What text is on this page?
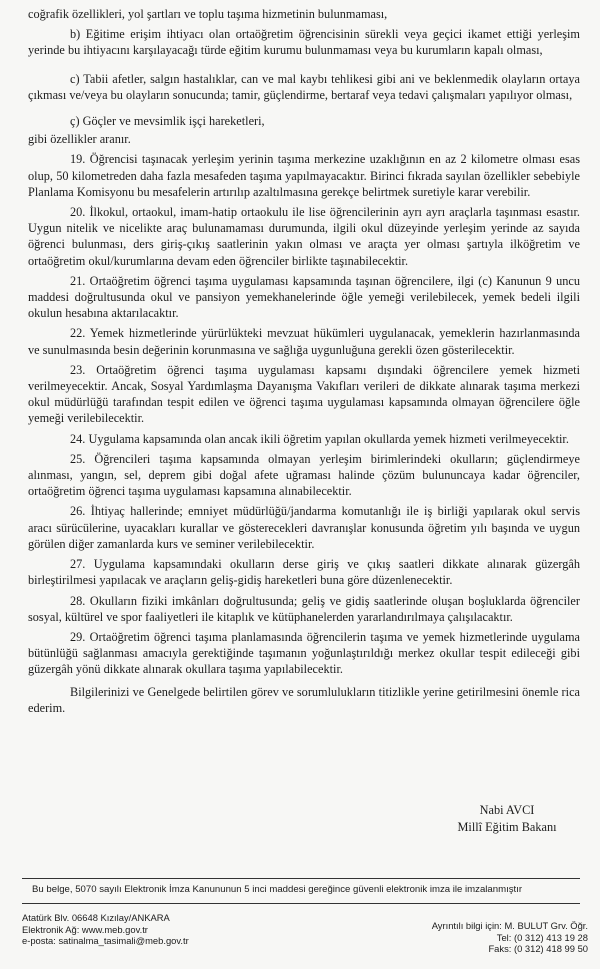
coğrafik özellikleri, yol şartları ve toplu taşıma hizmetinin bulunmaması,

b) Eğitime erişim ihtiyacı olan ortaöğretim öğrencisinin sürekli veya geçici ikamet ettiği yerleşim yerinde bu ihtiyacını karşılayacağı türde eğitim kurumu bulunmaması veya bu kurumların kapalı olması,

c) Tabii afetler, salgın hastalıklar, can ve mal kaybı tehlikesi gibi ani ve beklenmedik olayların ortaya çıkması ve/veya bu olayların sonucunda; tamir, güçlendirme, bertaraf veya tedavi çalışmaları yapılıyor olması,

ç) Göçler ve mevsimlik işçi hareketleri,

gibi özellikler aranır.

19. Öğrencisi taşınacak yerleşim yerinin taşıma merkezine uzaklığının en az 2 kilometre olması esas olup, 50 kilometreden daha fazla mesafeden taşıma yapılmayacaktır. Birinci fıkrada sayılan özellikler sebebiyle Planlama Komisyonu bu mesafelerin artırılıp azaltılmasına gerekçe belirtmek suretiyle karar verebilir.

20. İlkokul, ortaokul, imam-hatip ortaokulu ile lise öğrencilerinin ayrı ayrı araçlarla taşınması esastır. Uygun nitelik ve nicelikte araç bulunamaması durumunda, ilgili okul düzeyinde yerleşim yerinde az sayıda öğrenci bulunması, ders giriş-çıkış saatlerinin yakın olması ve araçta yer olması şartıyla ilköğretim ve ortaöğretim okul/kurumlarına devam eden öğrenciler birlikte taşınabilecektir.

21. Ortaöğretim öğrenci taşıma uygulaması kapsamında taşınan öğrencilere, ilgi (c) Kanunun 9 uncu maddesi doğrultusunda okul ve pansiyon yemekhanelerinde öğle yemeği verilebilecek, yemek bedeli ilgili okulun hesabına aktarılacaktır.

22. Yemek hizmetlerinde yürürlükteki mevzuat hükümleri uygulanacak, yemeklerin hazırlanmasında ve sunulmasında besin değerinin korunmasına ve sağlığa uygunluğuna gerekli özen gösterilecektir.

23. Ortaöğretim öğrenci taşıma uygulaması kapsamı dışındaki öğrencilere yemek hizmeti verilmeyecektir. Ancak, Sosyal Yardımlaşma Dayanışma Vakıfları verileri de dikkate alınarak taşıma merkezi okul müdürlüğü tarafından tespit edilen ve öğrenci taşıma uygulaması kapsamında olmayan öğrencilere öğle yemeği verilebilecektir.

24. Uygulama kapsamında olan ancak ikili öğretim yapılan okullarda yemek hizmeti verilmeyecektir.

25. Öğrencileri taşıma kapsamında olmayan yerleşim birimlerindeki okulların; güçlendirmeye alınması, yangın, sel, deprem gibi doğal afete uğraması halinde çözüm bulununcaya kadar öğrenciler, ortaöğretim öğrenci taşıma uygulaması kapsamına alınabilecektir.

26. İhtiyaç hallerinde; emniyet müdürlüğü/jandarma komutanlığı ile iş birliği yapılarak okul servis aracı sürücülerine, uyacakları kurallar ve gösterecekleri davranışlar konusunda öğretim yılı başında ve uygun görülen diğer zamanlarda kurs ve seminer verilebilecektir.

27. Uygulama kapsamındaki okulların derse giriş ve çıkış saatleri dikkate alınarak güzergâh birleştirilmesi yapılacak ve araçların geliş-gidiş hareketleri buna göre düzenlenecektir.

28. Okulların fiziki imkânları doğrultusunda; geliş ve gidiş saatlerinde oluşan boşluklarda öğrenciler sosyal, kültürel ve spor faaliyetleri ile kitaplık ve kütüphanelerden yararlandırılmaya çalışılacaktır.

29. Ortaöğretim öğrenci taşıma planlamasında öğrencilerin taşıma ve yemek hizmetlerinde uygulama bütünlüğü sağlanması amacıyla gerektiğinde taşımanın yoğunlaştırıldığı merkez okullar tespit edileceği gibi güzergâh yönü dikkate alınarak okullara taşıma yapılabilecektir.

Bilgilerinizi ve Genelgede belirtilen görev ve sorumlulukların titizlikle yerine getirilmesini önemle rica ederim.

Nabi AVCI
Millî Eğitim Bakanı
Bu belge, 5070 sayılı Elektronik İmza Kanununun 5 inci maddesi gereğince güvenli elektronik imza ile imzalanmıştır
Atatürk Blv. 06648 Kızılay/ANKARA
Elektronik Ağ: www.meb.gov.tr
e-posta: satinalma_tasimali@meb.gov.tr
Ayrıntılı bilgi için: M. BULUT Grv. Öğr.
Tel: (0 312) 413 19 28
Faks: (0 312) 418 99 50
